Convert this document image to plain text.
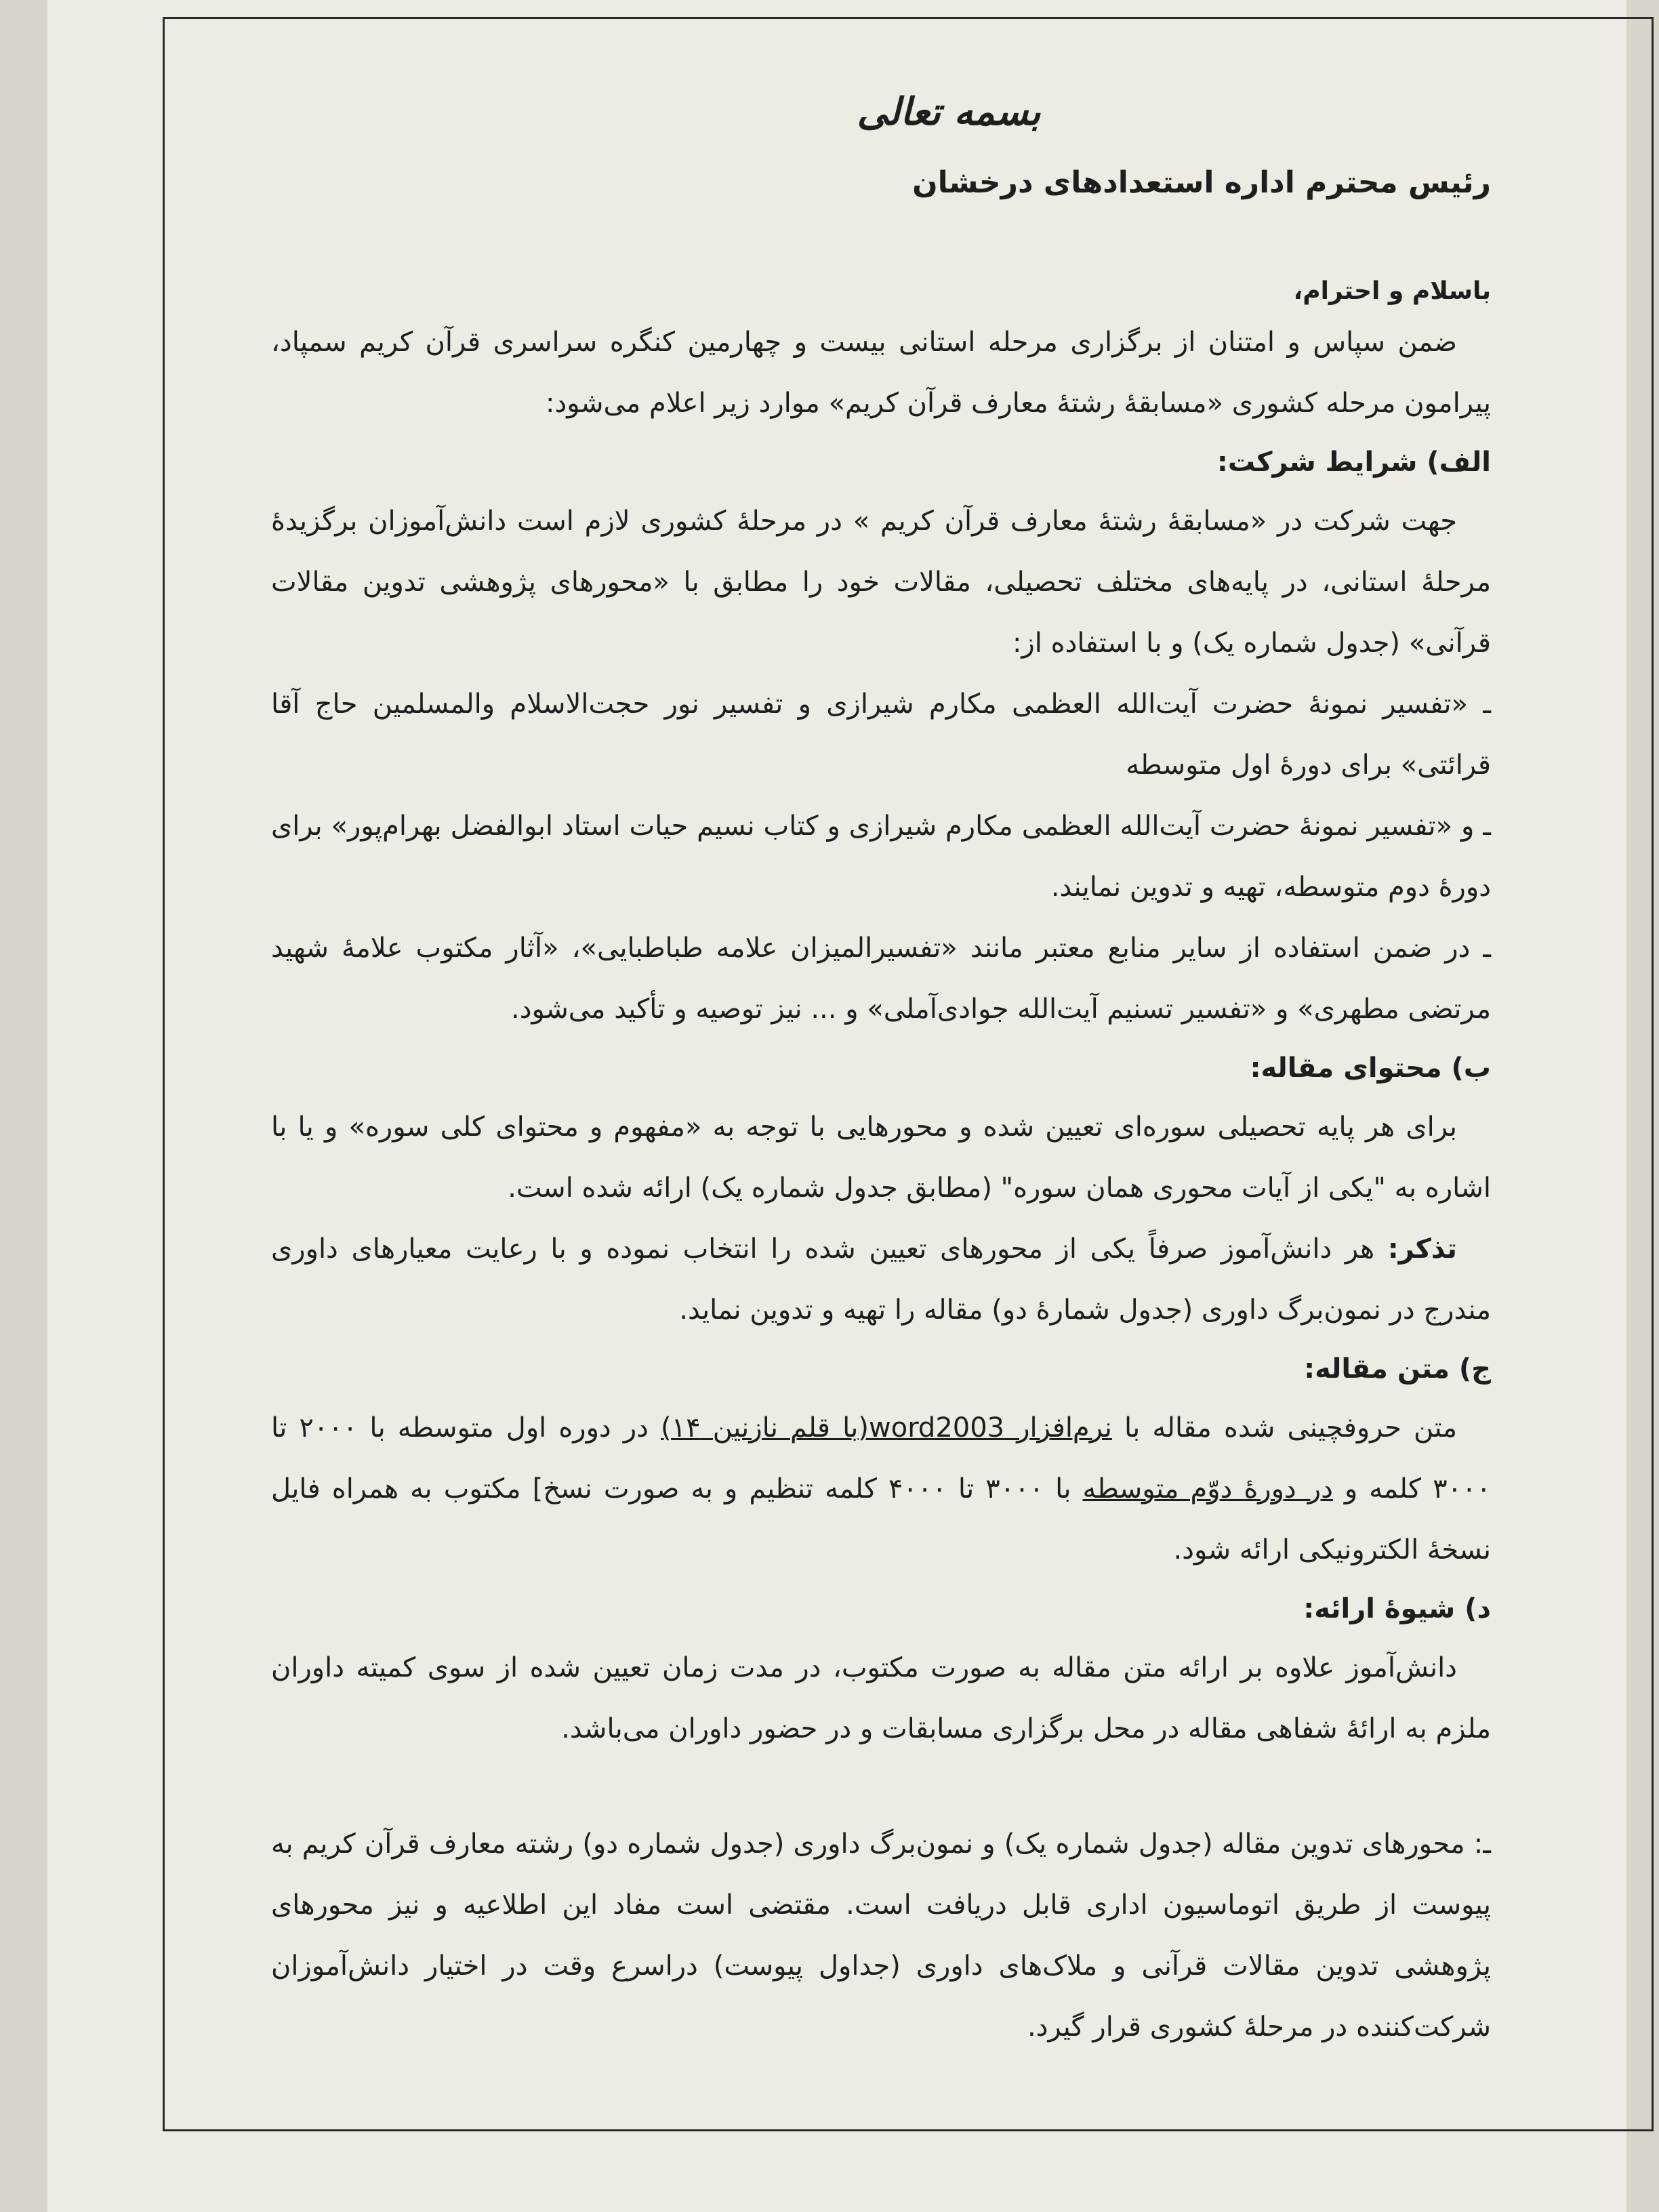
بسمه تعالی
رئیس محترم اداره استعدادهای درخشان
باسلام و احترام،

ضمن سپاس و امتنان از برگزاری مرحله استانی بیست و چهارمین کنگره سراسری قرآن کریم سمپاد، پیرامون مرحله کشوری «مسابقهٔ رشتهٔ معارف قرآن کریم» موارد زیر اعلام می‌شود:

الف) شرایط شرکت:

جهت شرکت در «مسابقهٔ رشتهٔ معارف قرآن کریم » در مرحلهٔ کشوری لازم است دانش‌آموزان برگزیدهٔ مرحلهٔ استانی، در پایه‌های مختلف تحصیلی، مقالات خود را مطابق با «محورهای پژوهشی تدوین مقالات قرآنی» (جدول شماره یک) و با استفاده از:

ـ «تفسیر نمونهٔ حضرت آیت‌الله العظمی مکارم شیرازی و تفسیر نور حجت‌الاسلام والمسلمین حاج آقا قرائتی» برای دورهٔ اول متوسطه

ـ و «تفسیر نمونهٔ حضرت آیت‌الله العظمی مکارم شیرازی و کتاب نسیم حیات استاد ابوالفضل بهرام‌پور» برای دورهٔ دوم متوسطه، تهیه و تدوین نمایند.

ـ در ضمن استفاده از سایر منابع معتبر مانند «تفسیرالمیزان علامه طباطبایی»، «آثار مکتوب علامهٔ شهید مرتضی مطهری» و «تفسیر تسنیم آیت‌الله جوادی‌آملی» و ... نیز توصیه و تأکید می‌شود.

ب) محتوای مقاله:

برای هر پایه تحصیلی سوره‌ای تعیین شده و محورهایی با توجه به «مفهوم و محتوای کلی سوره» و یا با اشاره به "یکی از آیات محوری همان سوره" (مطابق جدول شماره یک) ارائه شده است.

تذکر: هر دانش‌آموز صرفاً یکی از محورهای تعیین شده را انتخاب نموده و با رعایت معیارهای داوری مندرج در نمون‌برگ داوری (جدول شمارهٔ دو) مقاله را تهیه و تدوین نماید.

ج) متن مقاله:

متن حروفچینی شده مقاله با نرم‌افزار word2003(با قلم نازنین ۱۴) در دوره اول متوسطه با ۲۰۰۰ تا ۳۰۰۰ کلمه و در دورهٔ دوّم متوسطه با ۳۰۰۰ تا ۴۰۰۰ کلمه تنظیم و به صورت نسخ] مکتوب به همراه فایل نسخهٔ الکترونیکی ارائه شود.

د) شیوهٔ ارائه:

دانش‌آموز علاوه بر ارائه متن مقاله به صورت مکتوب، در مدت زمان تعیین شده از سوی کمیته داوران ملزم به ارائهٔ شفاهی مقاله در محل برگزاری مسابقات و در حضور داوران می‌باشد.

ـ: محورهای تدوین مقاله (جدول شماره یک) و نمون‌برگ داوری (جدول شماره دو) رشته معارف قرآن کریم به پیوست از طریق اتوماسیون اداری قابل دریافت است. مقتضی است مفاد این اطلاعیه و نیز محورهای پژوهشی تدوین مقالات قرآنی و ملاک‌های داوری (جداول پیوست) دراسرع وقت در اختیار دانش‌آموزان شرکت‌کننده در مرحلهٔ کشوری قرار گیرد.
